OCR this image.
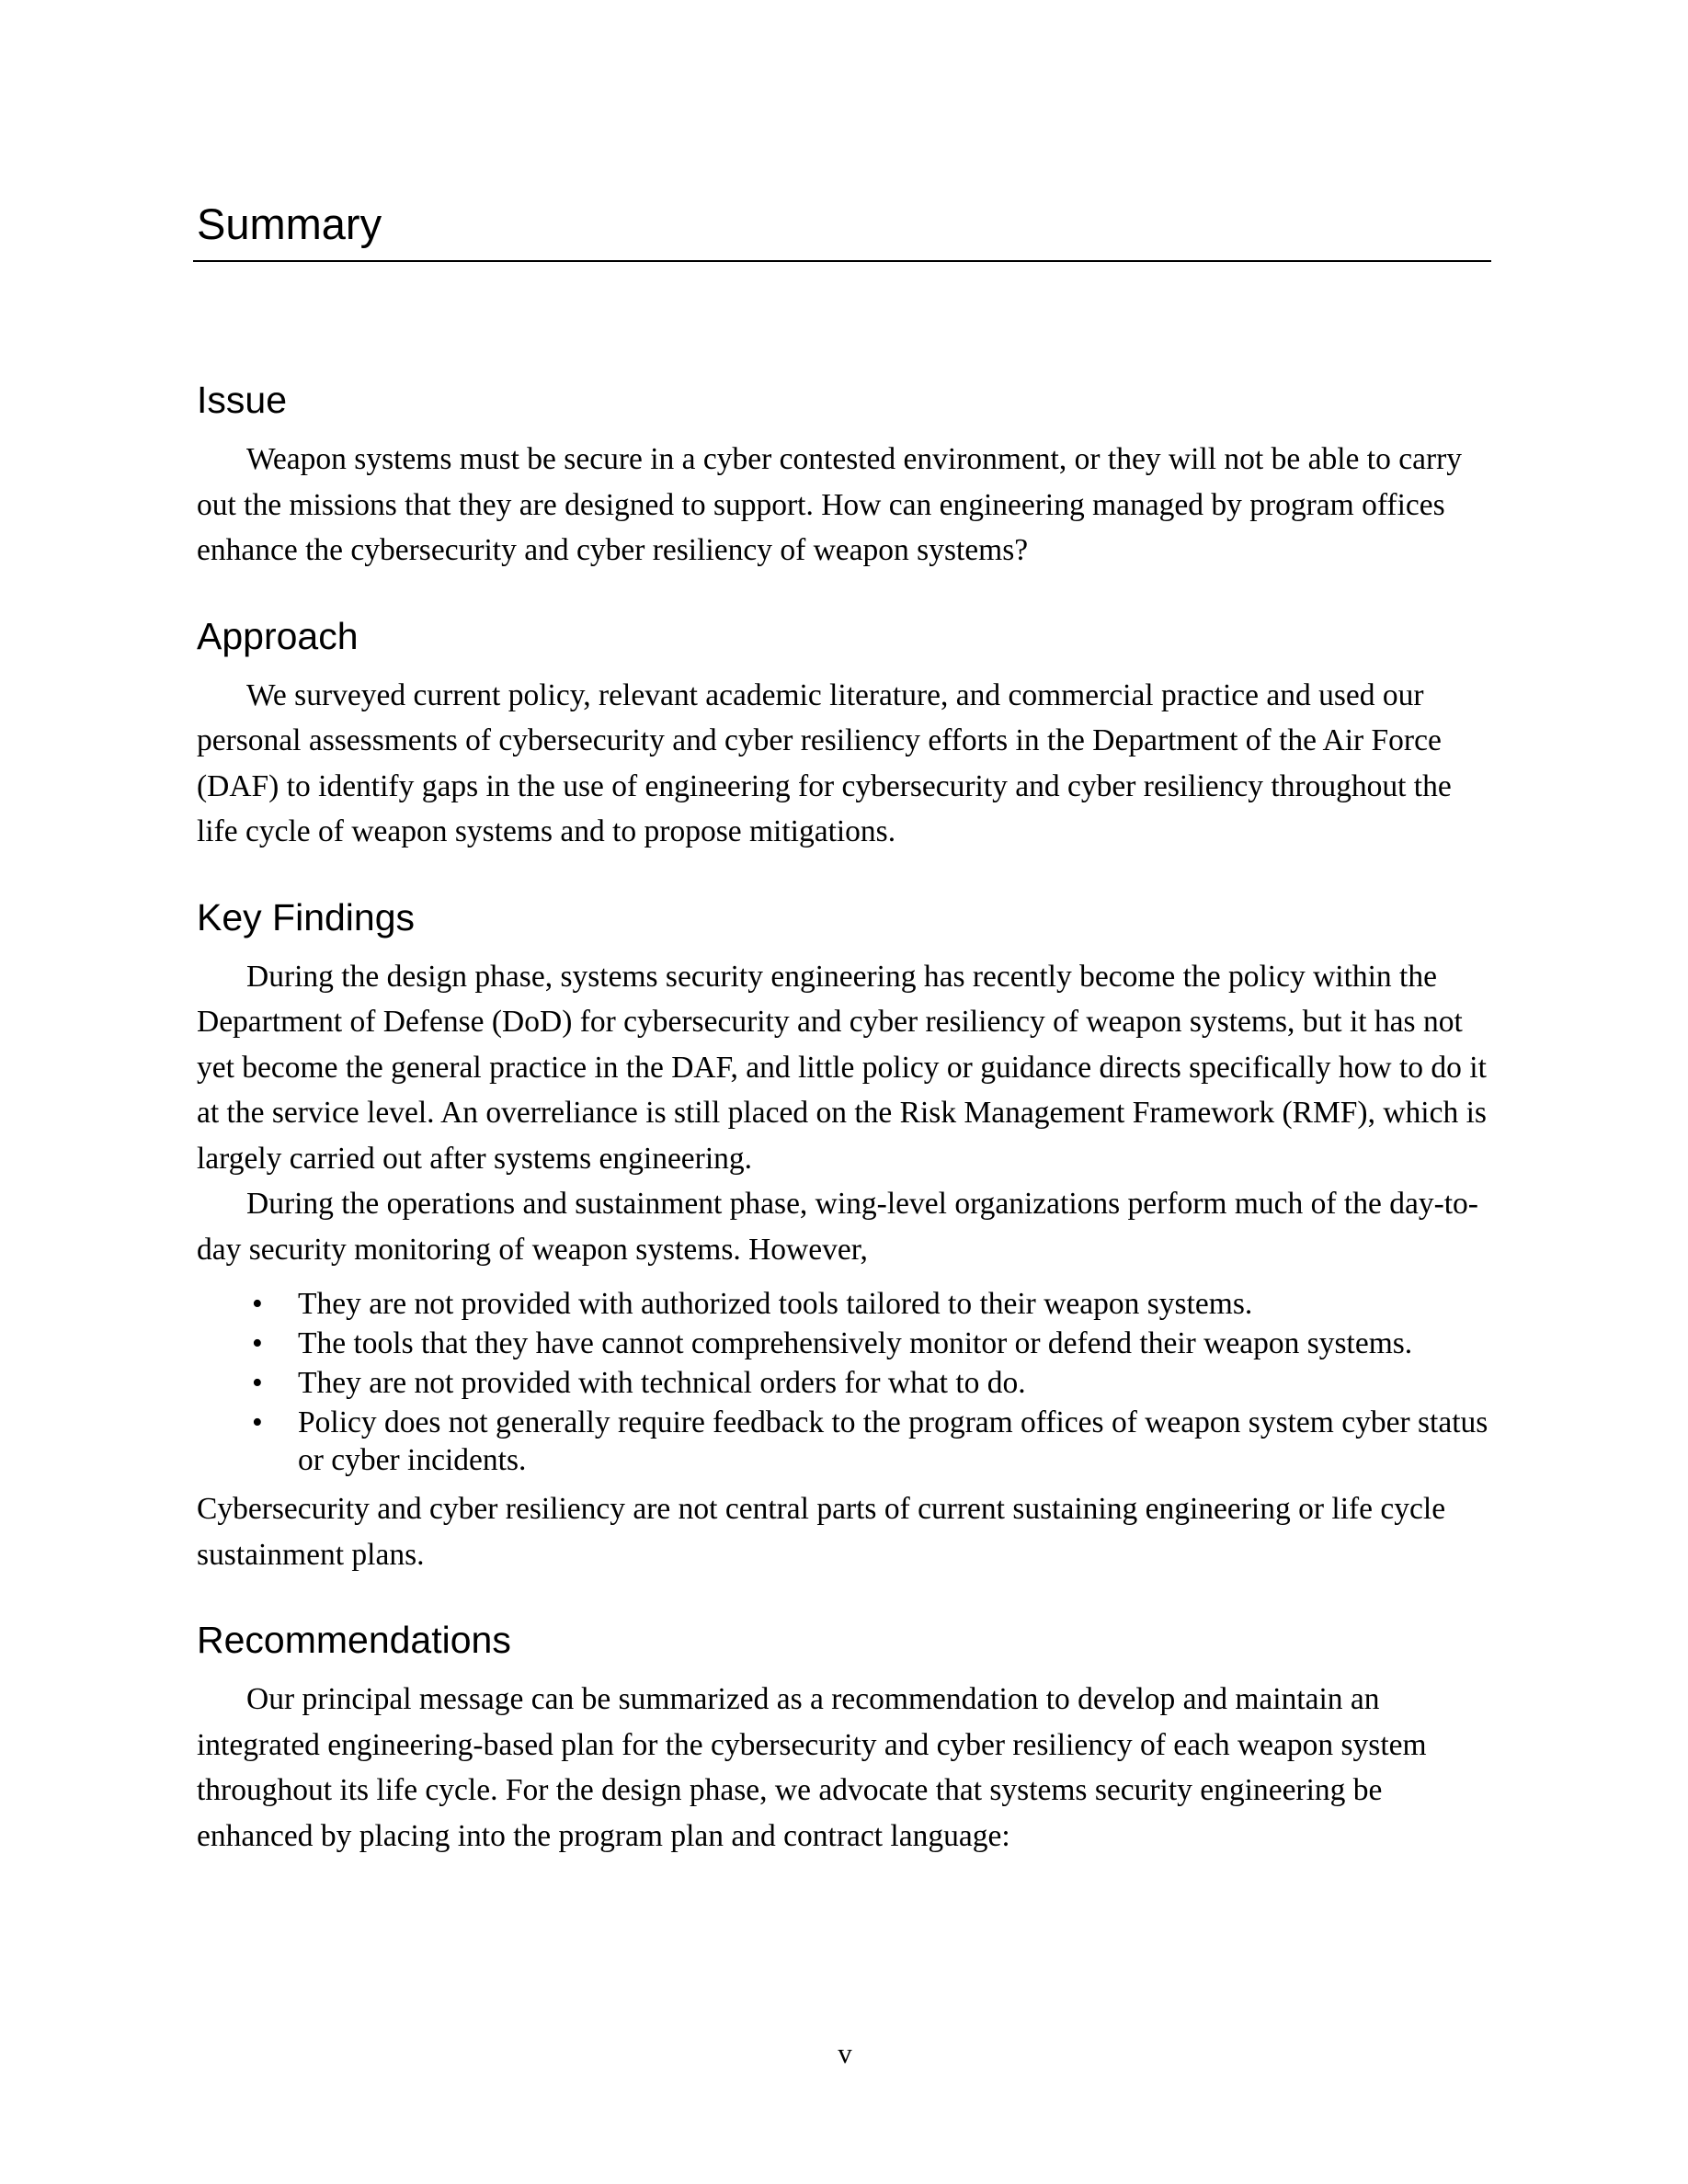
Summary
Issue

Weapon systems must be secure in a cyber contested environment, or they will not be able to carry out the missions that they are designed to support. How can engineering managed by program offices enhance the cybersecurity and cyber resiliency of weapon systems?

Approach

We surveyed current policy, relevant academic literature, and commercial practice and used our personal assessments of cybersecurity and cyber resiliency efforts in the Department of the Air Force (DAF) to identify gaps in the use of engineering for cybersecurity and cyber resiliency throughout the life cycle of weapon systems and to propose mitigations.

Key Findings

During the design phase, systems security engineering has recently become the policy within the Department of Defense (DoD) for cybersecurity and cyber resiliency of weapon systems, but it has not yet become the general practice in the DAF, and little policy or guidance directs specifically how to do it at the service level. An overreliance is still placed on the Risk Management Framework (RMF), which is largely carried out after systems engineering.

During the operations and sustainment phase, wing-level organizations perform much of the day-to-day security monitoring of weapon systems. However,

• They are not provided with authorized tools tailored to their weapon systems.
• The tools that they have cannot comprehensively monitor or defend their weapon systems.
• They are not provided with technical orders for what to do.
• Policy does not generally require feedback to the program offices of weapon system cyber status or cyber incidents.

Cybersecurity and cyber resiliency are not central parts of current sustaining engineering or life cycle sustainment plans.

Recommendations

Our principal message can be summarized as a recommendation to develop and maintain an integrated engineering-based plan for the cybersecurity and cyber resiliency of each weapon system throughout its life cycle. For the design phase, we advocate that systems security engineering be enhanced by placing into the program plan and contract language:

v
